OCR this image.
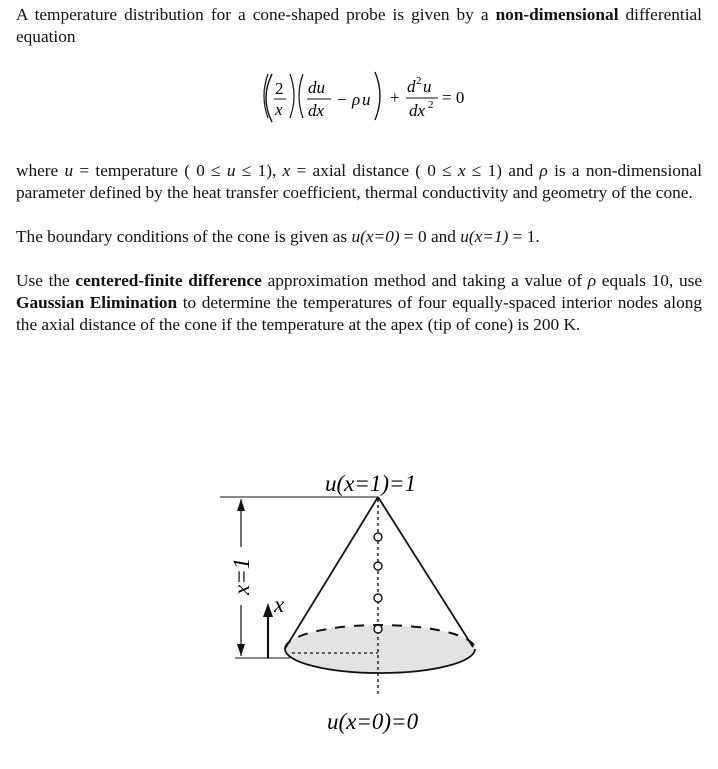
A temperature distribution for a cone-shaped probe is given by a non-dimensional differential equation

2
x
du
dx
− ρ u +
d 2 u
dx 2 = 0

where u = temperature ( 0 ≤ u ≤ 1), x = axial distance ( 0 ≤ x ≤ 1) and ρ is a non-dimensional parameter defined by the heat transfer coefficient, thermal conductivity and geometry of the cone.

The boundary conditions of the cone is given as u(x=0) = 0 and u(x=1) = 1.

Use the centered-finite difference approximation method and taking a value of ρ equals 10, use Gaussian Elimination to determine the temperatures of four equally-spaced interior nodes along the axial distance of the cone if the temperature at the apex (tip of cone) is 200 K.

x=1
x
u(x=1)=1
u(x=0)=0
